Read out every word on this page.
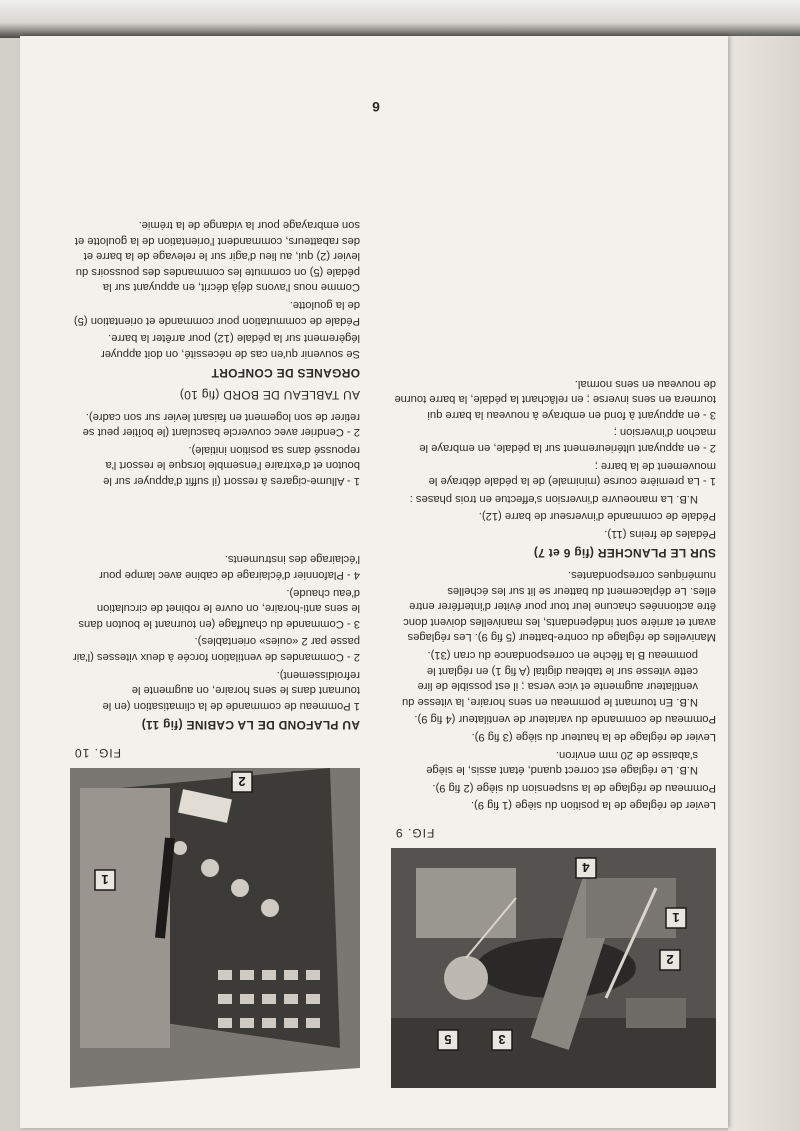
6
5	3
2
1
4
FIG. 9

Levier de réglage de la position du siège (1 fig 9).

Pommeau de réglage de la suspension du siège (2 fig 9).

N.B. Le réglage est correct quand, étant assis, le siège s'abaisse de 20 mm environ.

Levier de réglage de la hauteur du siège (3 fig 9).

Pommeau de commande du variateur de ventilateur (4 fig 9).

N.B. En tournant le pommeau en sens horaire, la vitesse du ventilateur augmente et vice versa ; il est possible de lire cette vitesse sur le tableau digital (A fig 1) en réglant le pommeau B la flèche en correspondance du cran (31).

Manivelles de réglage du contre-batteur (5 fig 9). Les réglages avant et arrière sont indépendants, les manivelles doivent donc être actionnées chacune leur tour pour éviter d'interférer entre elles. Le déplacement du batteur se lit sur les échelles numériques correspondantes.

SUR LE PLANCHER (fig 6 et 7)

Pédales de freins (11).

Pédale de commande d'inverseur de barre (12).

N.B. La manoeuvre d'inversion s'effectue en trois phases :

1 - La première course (minimale) de la pédale débraye le mouvement de la barre ;

2 - en appuyant ultérieurement sur la pédale, en embraye le machon d'inversion ;

3 - en appuyant à fond en embraye à nouveau la barre qui tournera en sens inverse ; en relâchant la pédale, la barre tourne de nouveau en sens normal.

1
2
FIG. 10
AU PLAFOND DE LA CABINE (fig 11)

1 Pommeau de commande de la climatisation (en le tournant dans le sens horaire, on augmente le refroidissement).

2 - Commandes de ventilation forcée à deux vitesses (l'air passe par 2 «ouies» orientables).

3 - Commande du chauffage (en tournant le bouton dans le sens anti-horaire, on ouvre le robinet de circulation d'eau chaude).

4 - Plafonnier d'éclairage de cabine avec lampe pour l'éclairage des instruments.

1 - Allume-cigares à ressort (il suffit d'appuyer sur le bouton et d'extraire l'ensemble lorsque le ressort l'a repoussé dans sa position initiale).

2 - Cendrier avec couvercle basculant (le boîtier peut se retirer de son logement en faisant levier sur son cadre).

AU TABLEAU DE BORD (fig 10)
ORGANES DE CONFORT

Se souvenir qu'en cas de nécessité, on doit appuyer légèrement sur la pédale (12) pour arrêter la barre.

Pédale de commutation pour commande et orientation (5) de la goulotte.

Comme nous l'avons déjà décrit, en appuyant sur la pédale (5) on commute les commandes des poussoirs du levier (2) qui, au lieu d'agir sur le relevage de la barre et des rabatteurs, commandent l'orientation de la goulotte et son embrayage pour la vidange de la trémie.
